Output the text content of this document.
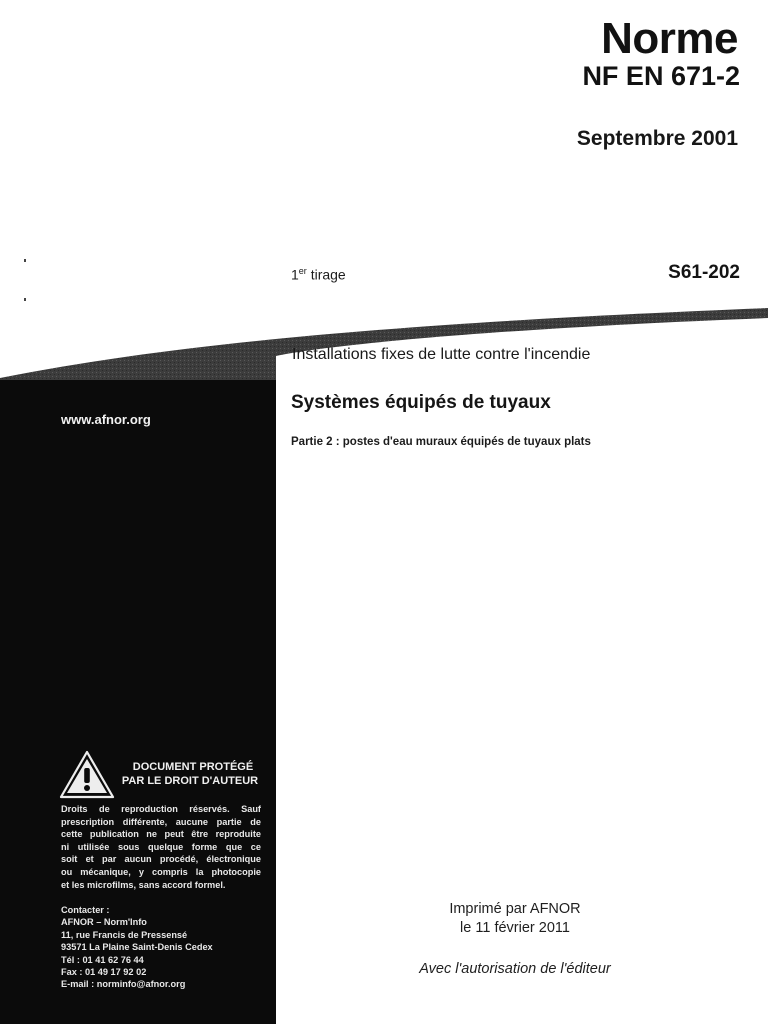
Norme
NF EN 671-2
Septembre 2001
1er tirage	S61-202
Installations fixes de lutte contre l'incendie
Systèmes équipés de tuyaux
Partie 2 : postes d'eau muraux équipés de tuyaux plats
www.afnor.org
DOCUMENT PROTÉGÉ
PAR LE DROIT D'AUTEUR
Droits de reproduction réservés. Sauf
prescription différente, aucune partie de
cette publication ne peut être reproduite
ni utilisée sous quelque forme que ce
soit et par aucun procédé, électronique
ou mécanique, y compris la photocopie
et les microfilms, sans accord formel.
Contacter :
AFNOR – Norm'Info
11, rue Francis de Pressensé
93571 La Plaine Saint-Denis Cedex
Tél : 01 41 62 76 44
Fax : 01 49 17 92 02
E-mail : norminfo@afnor.org
Imprimé par AFNOR
le 11 février 2011
Avec l'autorisation de l'éditeur
